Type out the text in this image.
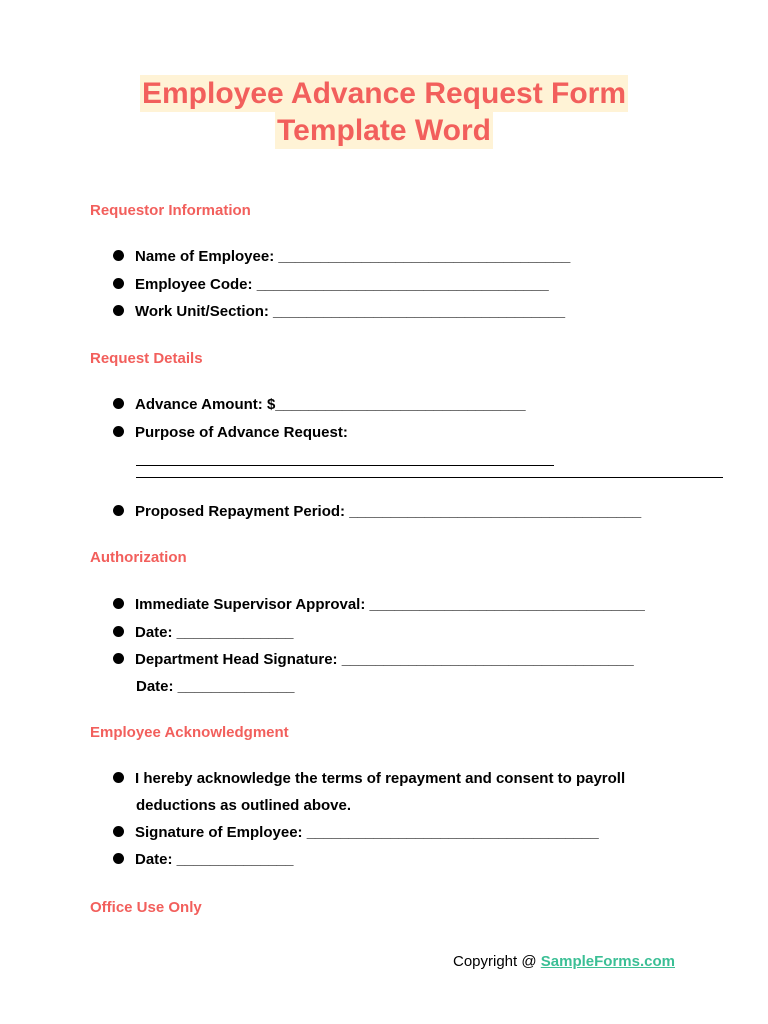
Employee Advance Request Form
Template Word
Requestor Information
Name of Employee: ___________________________________
Employee Code: ___________________________________
Work Unit/Section: ___________________________________
Request Details
Advance Amount: $______________________________
Purpose of Advance Request:
Proposed Repayment Period: ___________________________________
Authorization
Immediate Supervisor Approval: _________________________________
Date: ______________
Department Head Signature: ___________________________________
Date: ______________
Employee Acknowledgment
I hereby acknowledge the terms of repayment and consent to payroll
deductions as outlined above.
Signature of Employee: ___________________________________
Date: ______________
Office Use Only
Copyright @ SampleForms.com
